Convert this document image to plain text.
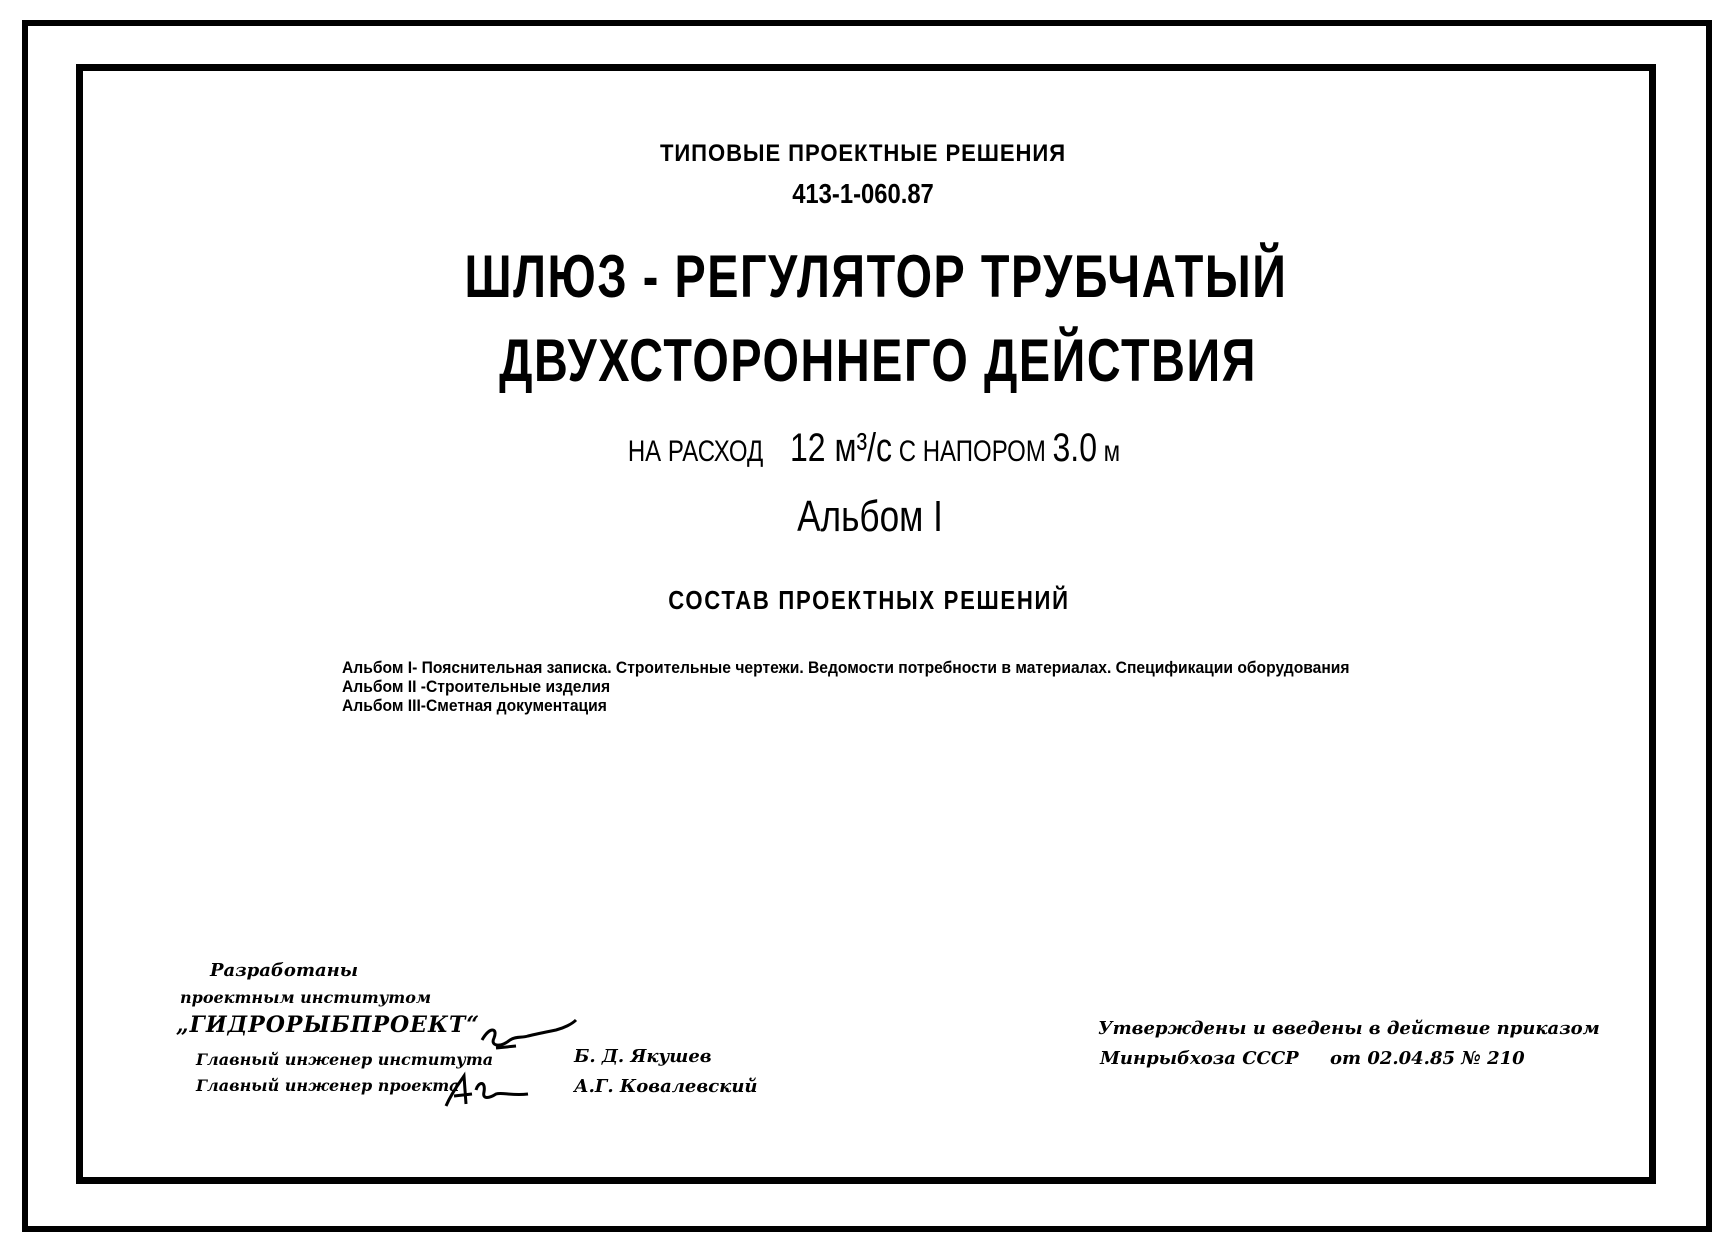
ТИПОВЫЕ ПРОЕКТНЫЕ РЕШЕНИЯ
413-1-060.87
ШЛЮЗ - РЕГУЛЯТОР ТРУБЧАТЫЙ
ДВУХСТОРОННЕГО ДЕЙСТВИЯ
НА РАСХОД 12 м³/с С НАПОРОМ 3.0 м
Альбом I
СОСТАВ ПРОЕКТНЫХ РЕШЕНИЙ
Альбом I- Пояснительная записка. Строительные чертежи. Ведомости потребности в материалах. Спецификации оборудования
Альбом II -Строительные изделия
Альбом III-Сметная документация
Разработаны
проектным институтом
„ГИДРОРЫБПРОЕКТ“
Главный инженер института
Главный инженер проекта
Б. Д. Якушев
А.Г. Ковалевский
Утверждены и введены в действие приказом
Минрыбхоза СССР от 02.04.85 № 210
